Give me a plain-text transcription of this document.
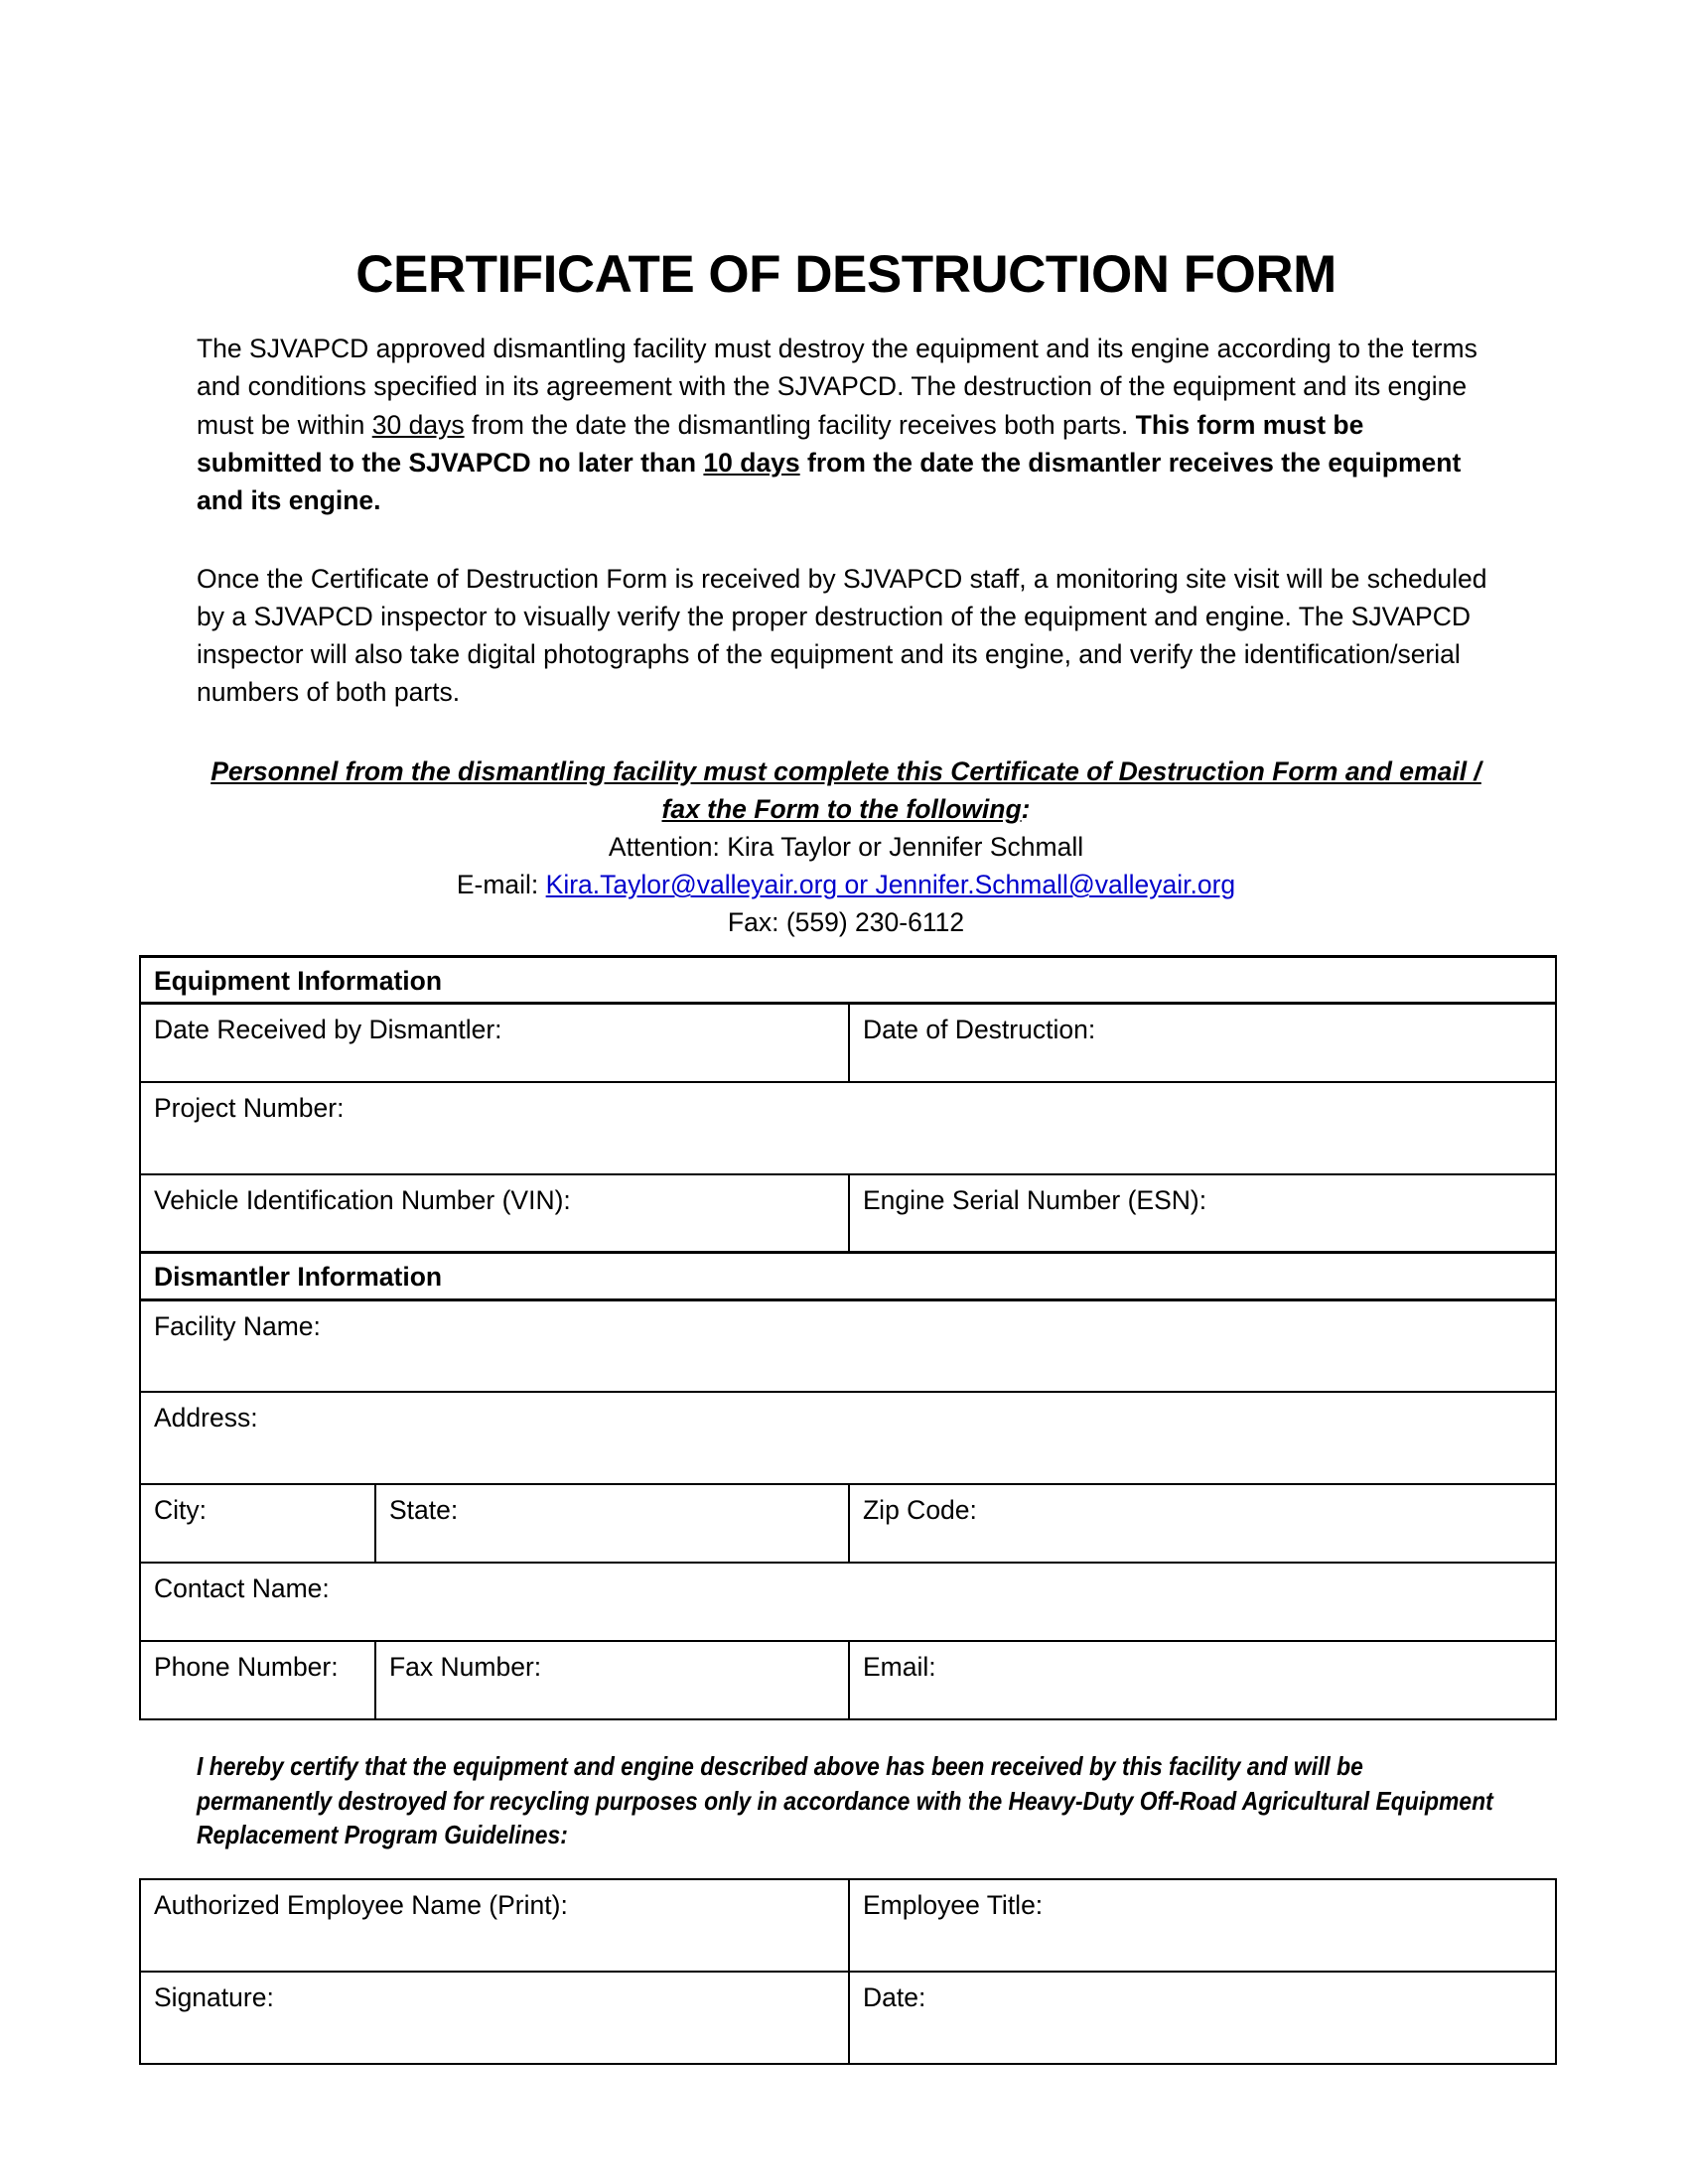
CERTIFICATE OF DESTRUCTION FORM

The SJVAPCD approved dismantling facility must destroy the equipment and its engine according to the terms and conditions specified in its agreement with the SJVAPCD. The destruction of the equipment and its engine must be within 30 days from the date the dismantling facility receives both parts. This form must be submitted to the SJVAPCD no later than 10 days from the date the dismantler receives the equipment and its engine.

Once the Certificate of Destruction Form is received by SJVAPCD staff, a monitoring site visit will be scheduled by a SJVAPCD inspector to visually verify the proper destruction of the equipment and engine. The SJVAPCD inspector will also take digital photographs of the equipment and its engine, and verify the identification/serial numbers of both parts.

Personnel from the dismantling facility must complete this Certificate of Destruction Form and email / fax the Form to the following:
Attention: Kira Taylor or Jennifer Schmall
E-mail: Kira.Taylor@valleyair.org or Jennifer.Schmall@valleyair.org
Fax: (559) 230-6112
Equipment Information		
Date Received by Dismantler:		Date of Destruction:
Project Number:		
Vehicle Identification Number (VIN):		Engine Serial Number (ESN):
Dismantler Information		
Facility Name:		
Address:		
City:	State:	Zip Code:
Contact Name:		
Phone Number:	Fax Number:	Email:
I hereby certify that the equipment and engine described above has been received by this facility and will be permanently destroyed for recycling purposes only in accordance with the Heavy-Duty Off-Road Agricultural Equipment Replacement Program Guidelines:
Authorized Employee Name (Print):	Employee Title:
Signature:	Date:
